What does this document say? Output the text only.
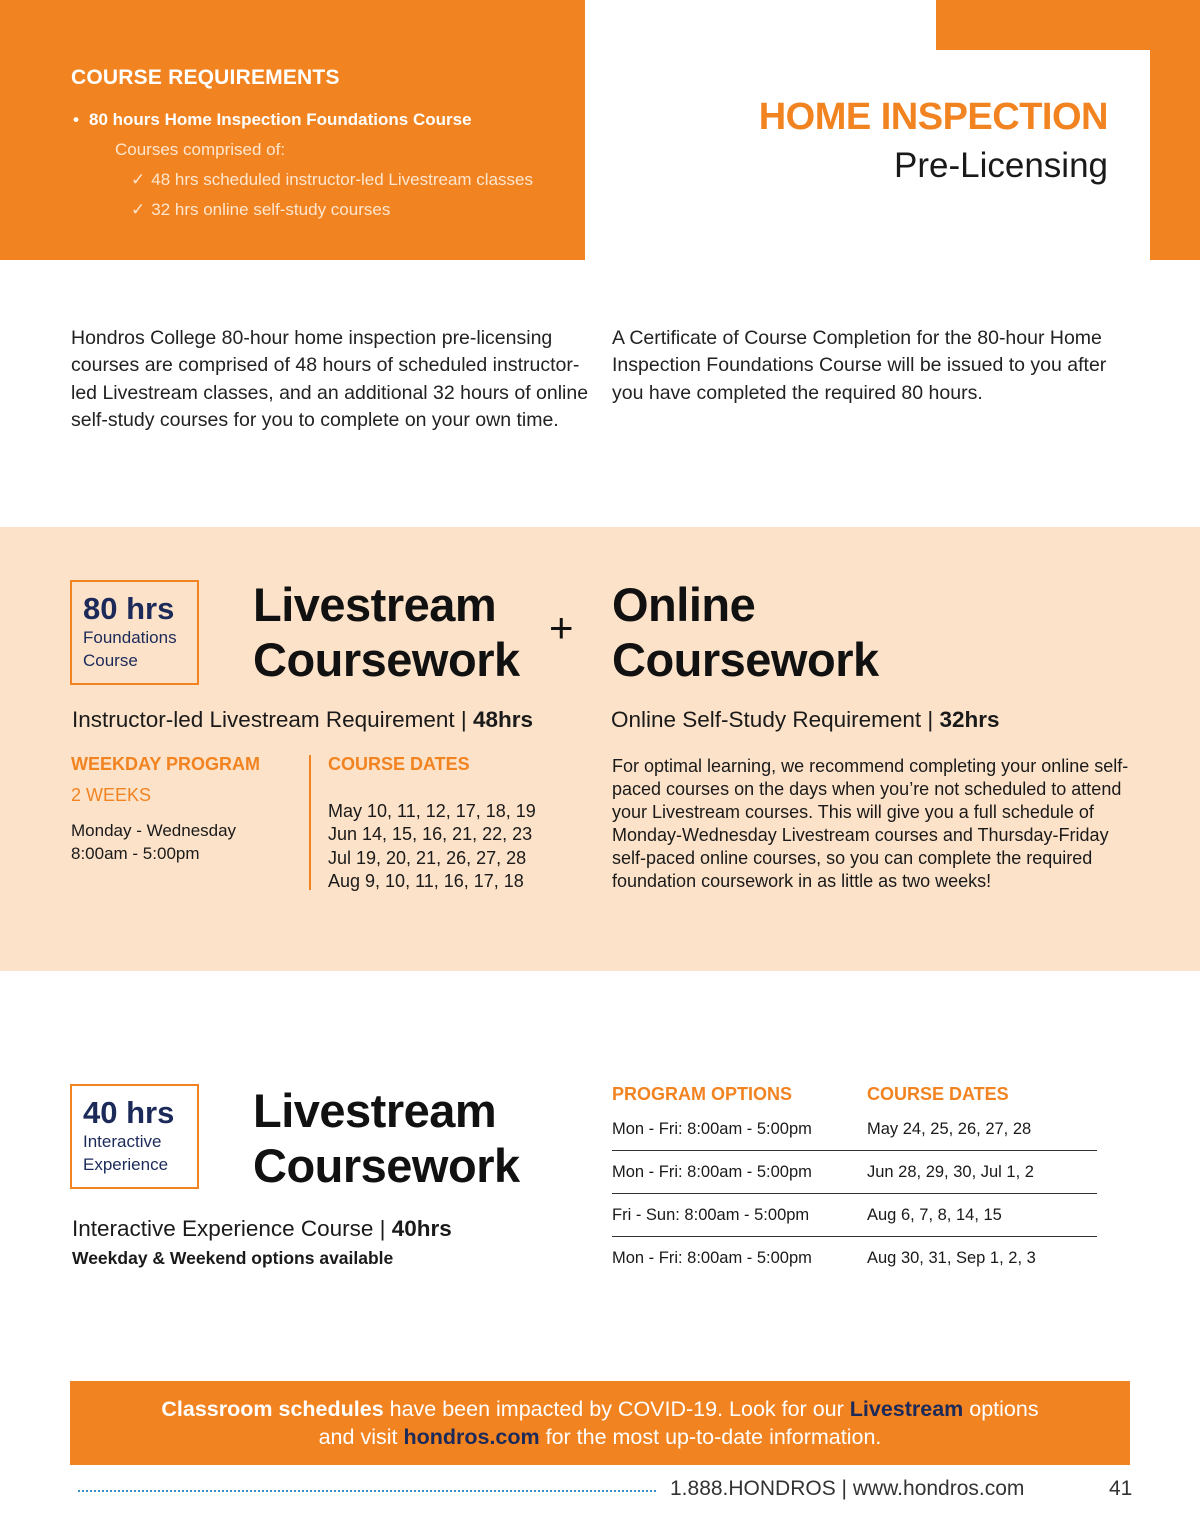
COURSE REQUIREMENTS
• 80 hours Home Inspection Foundations Course
Courses comprised of:
✓ 48 hrs scheduled instructor-led Livestream classes
✓ 32 hrs online self-study courses
HOME INSPECTION
Pre-Licensing

Hondros College 80-hour home inspection pre-licensing courses are comprised of 48 hours of scheduled instructor-led Livestream classes, and an additional 32 hours of online self-study courses for you to complete on your own time.

A Certificate of Course Completion for the 80-hour Home Inspection Foundations Course will be issued to you after you have completed the required 80 hours.

80 hrs
Foundations
Course
Livestream
Coursework
+ Online
Coursework
Instructor-led Livestream Requirement | 48hrs	Online Self-Study Requirement | 32hrs
WEEKDAY PROGRAM
2 WEEKS
Monday - Wednesday
8:00am - 5:00pm
COURSE DATES
May 10, 11, 12, 17, 18, 19
Jun 14, 15, 16, 21, 22, 23
Jul 19, 20, 21, 26, 27, 28
Aug 9, 10, 11, 16, 17, 18

For optimal learning, we recommend completing your online self-paced courses on the days when you’re not scheduled to attend your Livestream courses. This will give you a full schedule of Monday-Wednesday Livestream courses and Thursday-Friday self-paced online courses, so you can complete the required foundation coursework in as little as two weeks!

40 hrs
Interactive
Experience
Livestream
Coursework
Interactive Experience Course | 40hrs
Weekday & Weekend options available
PROGRAM OPTIONS	COURSE DATES
Mon - Fri: 8:00am - 5:00pm	May 24, 25, 26, 27, 28
Mon - Fri: 8:00am - 5:00pm	Jun 28, 29, 30, Jul 1, 2
Fri - Sun: 8:00am - 5:00pm	Aug 6, 7, 8, 14, 15
Mon - Fri: 8:00am - 5:00pm	Aug 30, 31, Sep 1, 2, 3
Classroom schedules have been impacted by COVID-19. Look for our Livestream options
and visit hondros.com for the most up-to-date information.
1.888.HONDROS | www.hondros.com	41
